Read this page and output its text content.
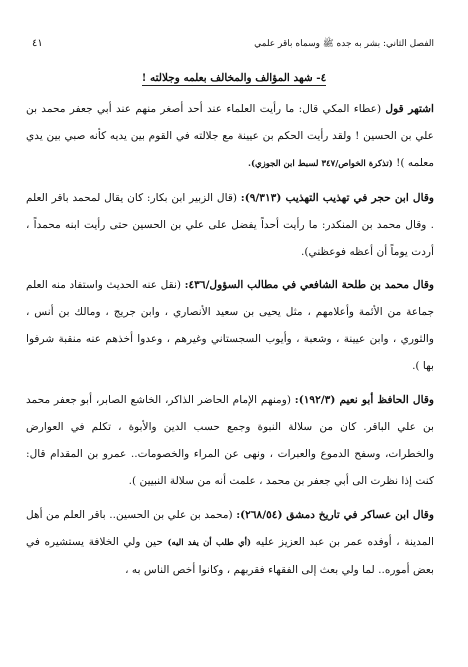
الفصل الثاني: بشر به جده ﷺ وسماه باقر علمي
٤١
٤- شهد المؤالف والمخالف بعلمه وجلالته !

اشتهر قول (عطاء المكي قال: ما رأيت العلماء عند أحد أصغر منهم عند أبي جعفر محمد بن علي بن الحسين ! ولقد رأيت الحكم بن عيينة مع جلالته في القوم بين يديه كأنه صبي بين يدي معلمه )! (تذكرة الخواص/٣٤٧ لسبط ابن الجوزي).

وقال ابن حجر في تهذيب التهذيب (٩/٣١٣): (قال الزبير ابن بكار: كان يقال لمحمد باقر العلم . وقال محمد بن المنكدر: ما رأيت أحداً يفضل على علي بن الحسين حتى رأيت ابنه محمداً ، أردت يوماً أن أعظه فوعظني).

وقال محمد بن طلحة الشافعي في مطالب السؤول/٤٣٦: (نقل عنه الحديث واستفاد منه العلم جماعة من الأئمة وأعلامهم ، مثل يحيى بن سعيد الأنصاري ، وابن جريج ، ومالك بن أنس ، والثوري ، وابن عيينة ، وشعبة ، وأيوب السجستاني وغيرهم ، وعدوا أخذهم عنه منقبة شرفوا بها ).

وقال الحافظ أبو نعيم (١٩٢/٣): (ومنهم الإمام الحاضر الذاكر، الخاشع الصابر، أبو جعفر محمد بن علي الباقر. كان من سلالة النبوة وجمع حسب الدين والأبوة ، تكلم في العوارض والخطرات، وسفح الدموع والعبرات ، ونهى عن المراء والخصومات.. عمرو بن المقدام قال: كنت إذا نظرت الى أبي جعفر بن محمد ، علمت أنه من سلالة النبيين ).

وقال ابن عساكر في تاريخ دمشق (٢٦٨/٥٤): (محمد بن علي بن الحسين.. باقر العلم من أهل المدينة ، أوفده عمر بن عبد العزيز عليه (أي طلب أن يفد اليه) حين ولي الخلافة يستشيره في بعض أموره.. لما ولي بعث إلى الفقهاء فقربهم ، وكانوا أخص الناس به ،
